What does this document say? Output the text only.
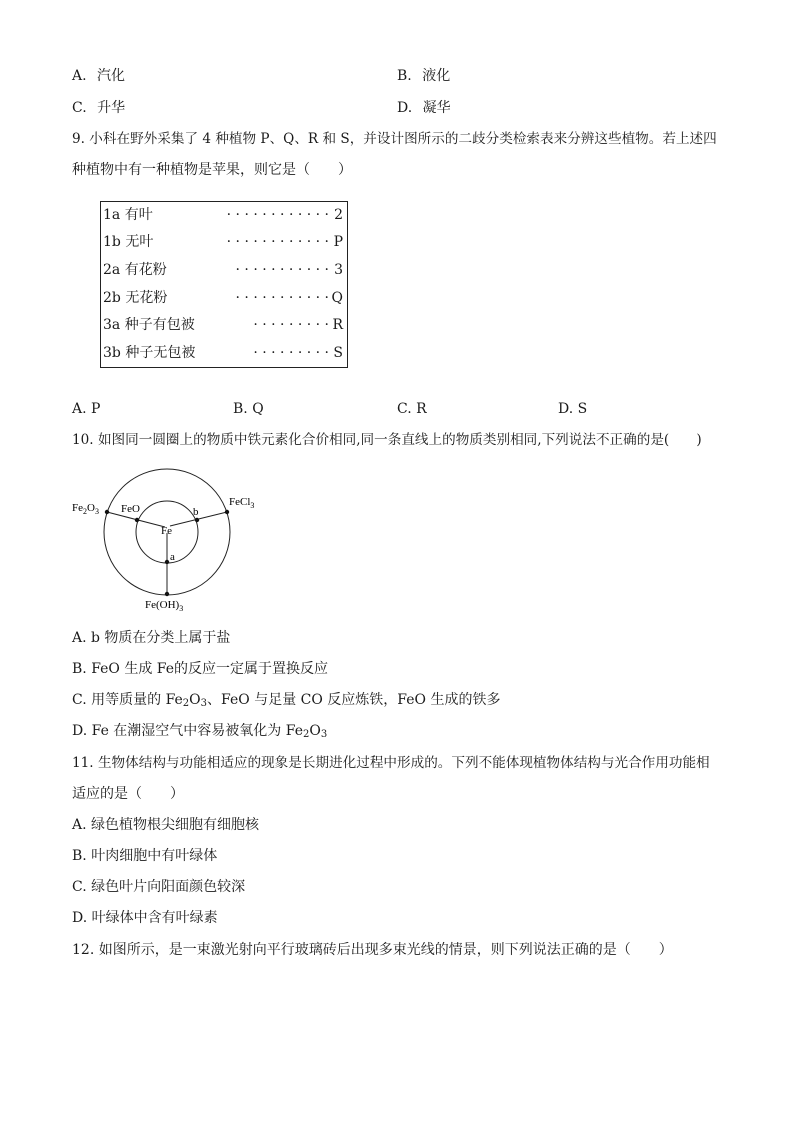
A. 汽化	B. 液化
C. 升华	D. 凝华
9. 小科在野外采集了 4 种植物 P、Q、R 和 S，并设计图所示的二歧分类检索表来分辨这些植物。若上述四
种植物中有一种植物是苹果，则它是（　　）
1a 有叶	· · · · · · · · · · · · 2
1b 无叶	· · · · · · · · · · · · P
2a 有花粉	· · · · · · · · · · · 3
2b 无花粉	· · · · · · · · · · · Q
3a 种子有包被	· · · · · · · · · R
3b 种子无包被	· · · · · · · · · S
A. P	B. Q	C. R	D. S
10. 如图同一圆圈上的物质中铁元素化合价相同,同一条直线上的物质类别相同,下列说法不正确的是(　　)
$Fe_2O_3$ FeO
Fe
b
a
FeCl$_3$
$Fe(OH)_3$
A. b 物质在分类上属于盐
B. FeO 生成 Fe的反应一定属于置换反应
C. 用等质量的 $Fe_2O_3$、FeO 与足量 CO 反应炼铁，FeO 生成的铁多
D. Fe 在潮湿空气中容易被氧化为 $Fe_2O_3$
11. 生物体结构与功能相适应的现象是长期进化过程中形成的。下列不能体现植物体结构与光合作用功能相
适应的是（　　）
A. 绿色植物根尖细胞有细胞核
B. 叶肉细胞中有叶绿体
C. 绿色叶片向阳面颜色较深
D. 叶绿体中含有叶绿素
12. 如图所示，是一束激光射向平行玻璃砖后出现多束光线的情景，则下列说法正确的是（　　）
